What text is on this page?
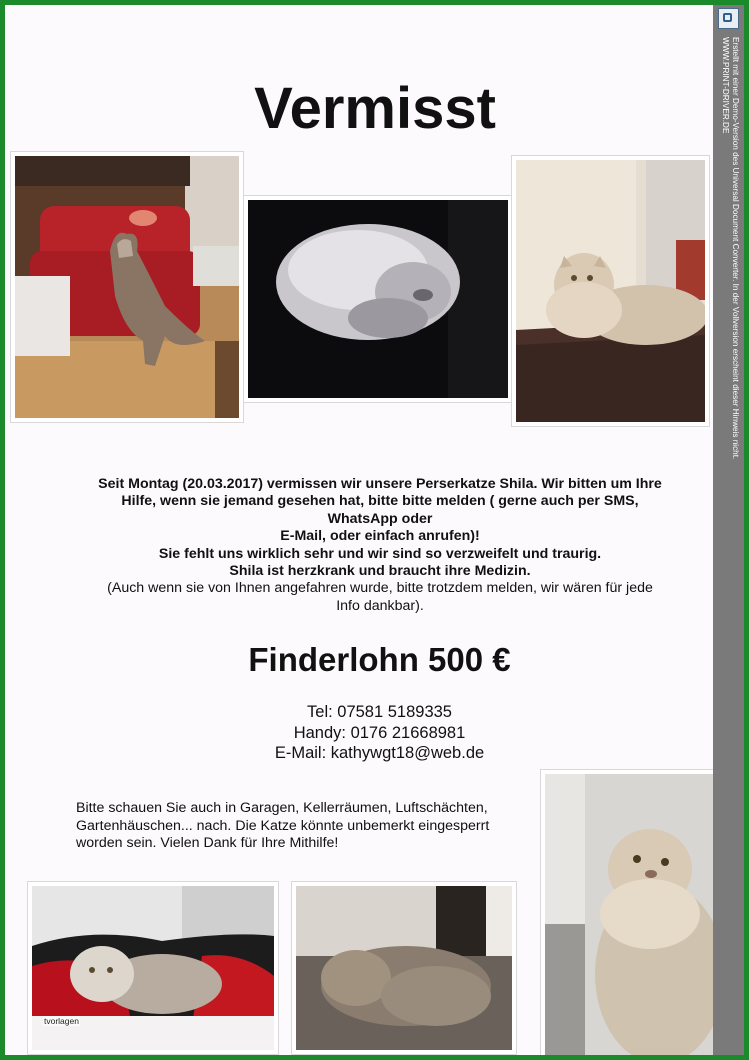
Vermisst
Seit Montag (20.03.2017) vermissen wir unsere Perserkatze Shila. Wir bitten um Ihre
Hilfe, wenn sie jemand gesehen hat, bitte bitte melden ( gerne auch per SMS,
WhatsApp oder
E-Mail, oder einfach anrufen)!
Sie fehlt uns wirklich sehr und wir sind so verzweifelt und traurig.
Shila ist herzkrank und braucht ihre Medizin.
(Auch wenn sie von Ihnen angefahren wurde, bitte trotzdem melden, wir wären für jede
Info dankbar).
Finderlohn 500 €
Tel: 07581 5189335
Handy: 0176 21668981
E-Mail: kathywgt18@web.de
Bitte schauen Sie auch in Garagen, Kellerräumen, Luftschächten, Gartenhäuschen... nach. Die Katze könnte unbemerkt eingesperrt worden sein. Vielen Dank für Ihre Mithilfe!
tvorlagen
Erstellt mit einer Demo-Version des Universal Document Converter. In der Vollversion erscheint dieser Hinweis nicht.
WWW.PRINT-DRIVER.DE
